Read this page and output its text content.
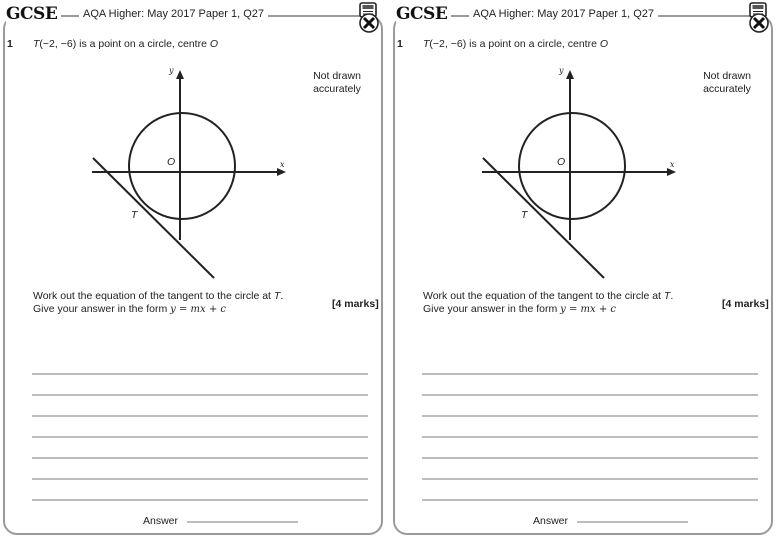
GCSE	AQA Higher: May 2017 Paper 1, Q27
1 T(−2, −6) is a point on a circle, centre O
Not drawn accurately
y
x
O
T
Work out the equation of the tangent to the circle at T.
Give your answer in the form y = mx + c	[4 marks]
Answer
GCSE	AQA Higher: May 2017 Paper 1, Q27
1 T(−2, −6) is a point on a circle, centre O
Not drawn accurately
y
x
O
T
Work out the equation of the tangent to the circle at T.
Give your answer in the form y = mx + c	[4 marks]
Answer
